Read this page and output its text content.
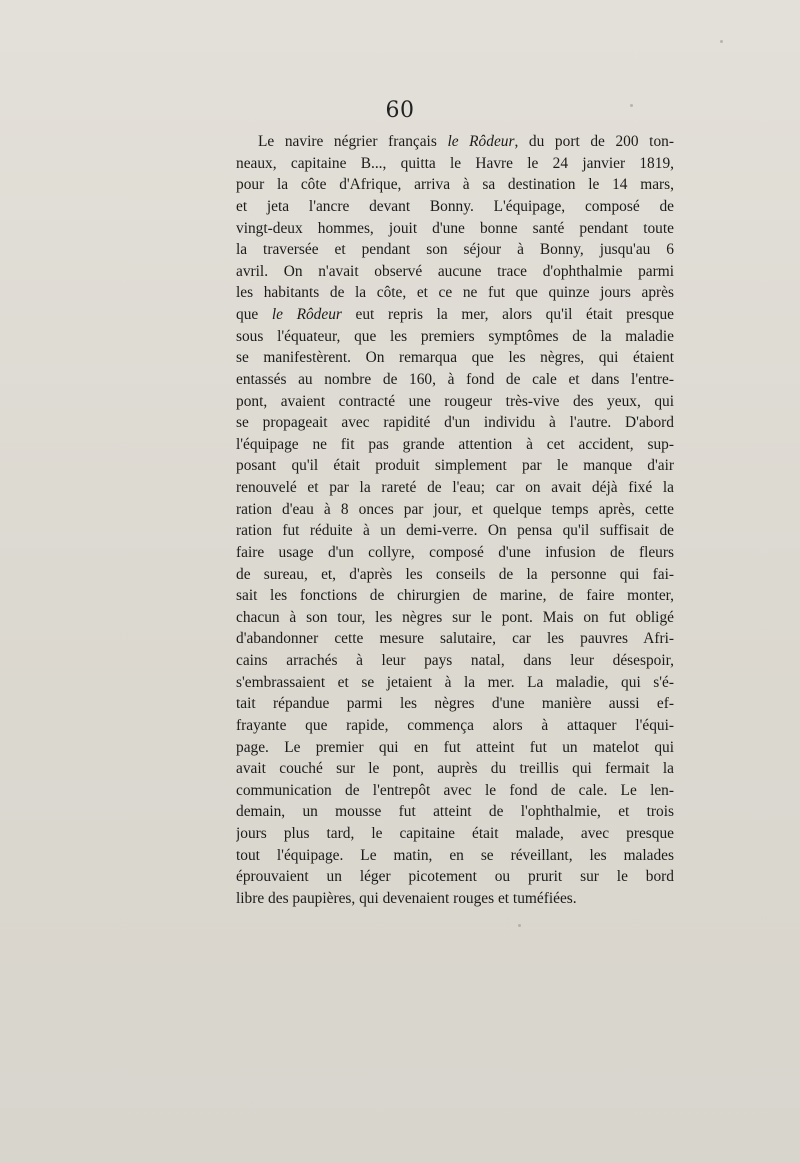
60
Le navire négrier français le Rôdeur, du port de 200 ton-
neaux, capitaine B..., quitta le Havre le 24 janvier 1819,
pour la côte d'Afrique, arriva à sa destination le 14 mars,
et jeta l'ancre devant Bonny. L'équipage, composé de
vingt-deux hommes, jouit d'une bonne santé pendant toute
la traversée et pendant son séjour à Bonny, jusqu'au 6
avril. On n'avait observé aucune trace d'ophthalmie parmi
les habitants de la côte, et ce ne fut que quinze jours après
que le Rôdeur eut repris la mer, alors qu'il était presque
sous l'équateur, que les premiers symptômes de la maladie
se manifestèrent. On remarqua que les nègres, qui étaient
entassés au nombre de 160, à fond de cale et dans l'entre-
pont, avaient contracté une rougeur très-vive des yeux, qui
se propageait avec rapidité d'un individu à l'autre. D'abord
l'équipage ne fit pas grande attention à cet accident, sup-
posant qu'il était produit simplement par le manque d'air
renouvelé et par la rareté de l'eau; car on avait déjà fixé la
ration d'eau à 8 onces par jour, et quelque temps après, cette
ration fut réduite à un demi-verre. On pensa qu'il suffisait de
faire usage d'un collyre, composé d'une infusion de fleurs
de sureau, et, d'après les conseils de la personne qui fai-
sait les fonctions de chirurgien de marine, de faire monter,
chacun à son tour, les nègres sur le pont. Mais on fut obligé
d'abandonner cette mesure salutaire, car les pauvres Afri-
cains arrachés à leur pays natal, dans leur désespoir,
s'embrassaient et se jetaient à la mer. La maladie, qui s'é-
tait répandue parmi les nègres d'une manière aussi ef-
frayante que rapide, commença alors à attaquer l'équi-
page. Le premier qui en fut atteint fut un matelot qui
avait couché sur le pont, auprès du treillis qui fermait la
communication de l'entrepôt avec le fond de cale. Le len-
demain, un mousse fut atteint de l'ophthalmie, et trois
jours plus tard, le capitaine était malade, avec presque
tout l'équipage. Le matin, en se réveillant, les malades
éprouvaient un léger picotement ou prurit sur le bord
libre des paupières, qui devenaient rouges et tuméfiées.
